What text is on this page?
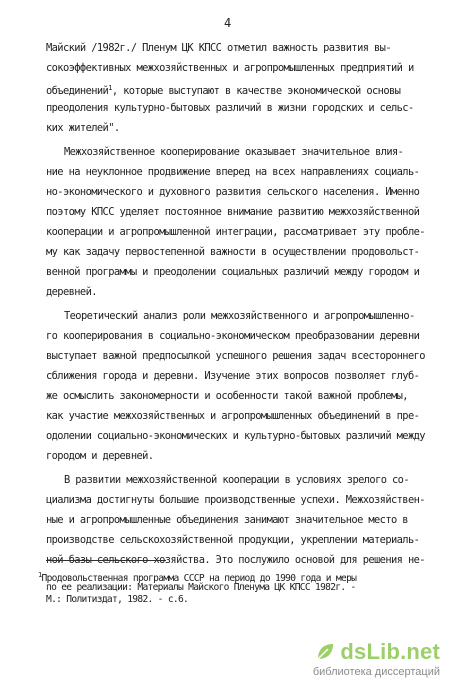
4
Майский /1982г./ Пленум ЦК КПСС отметил важность развития вы-
сокоэффективных межхозяйственных и агропромышленных предприятий и
объединений$^1$, которые выступают в качестве экономической основы
преодоления культурно-бытовых различий в жизни городских и сельс-
ких жителей".
Межхозяйственное кооперирование оказывает значительное влия-
ние на неуклонное продвижение вперед на всех направлениях социаль-
но-экономического и духовного развития сельского населения. Именно
поэтому КПСС уделяет постоянное внимание развитию межхозяйственной
кооперации и агропромышленной интеграции, рассматривает эту пробле-
му как задачу первостепенной важности в осуществлении продовольст-
венной программы и преодолении социальных различий между городом и
деревней.
Теоретический анализ роли межхозяйственного и агропромышленно-
го кооперирования в социально-экономическом преобразовании деревни
выступает важной предпосылкой успешного решения задач всестороннего
сближения города и деревни. Изучение этих вопросов позволяет глуб-
же осмыслить закономерности и особенности такой важной проблемы,
как участие межхозяйственных и агропромышленных объединений в пре-
одолении социально-экономических и культурно-бытовых различий между
городом и деревней.
В развитии межхозяйственной кооперации в условиях зрелого со-
циализма достигнуты большие производственные успехи. Межхозяйствен-
ные и агропромышленные объединения занимают значительное место в
производстве сельскохозяйственной продукции, укреплении материаль-
ной базы сельского хозяйства. Это послужило основой для решения не-
$^1$Продовольственная программа СССР на период до 1990 года и меры
по ее реализации: Материалы Майского Пленума ЦК КПСС 1982г. -
М.: Политиздат, 1982. - с.6.
dsLib.net
библиотека диссертаций
